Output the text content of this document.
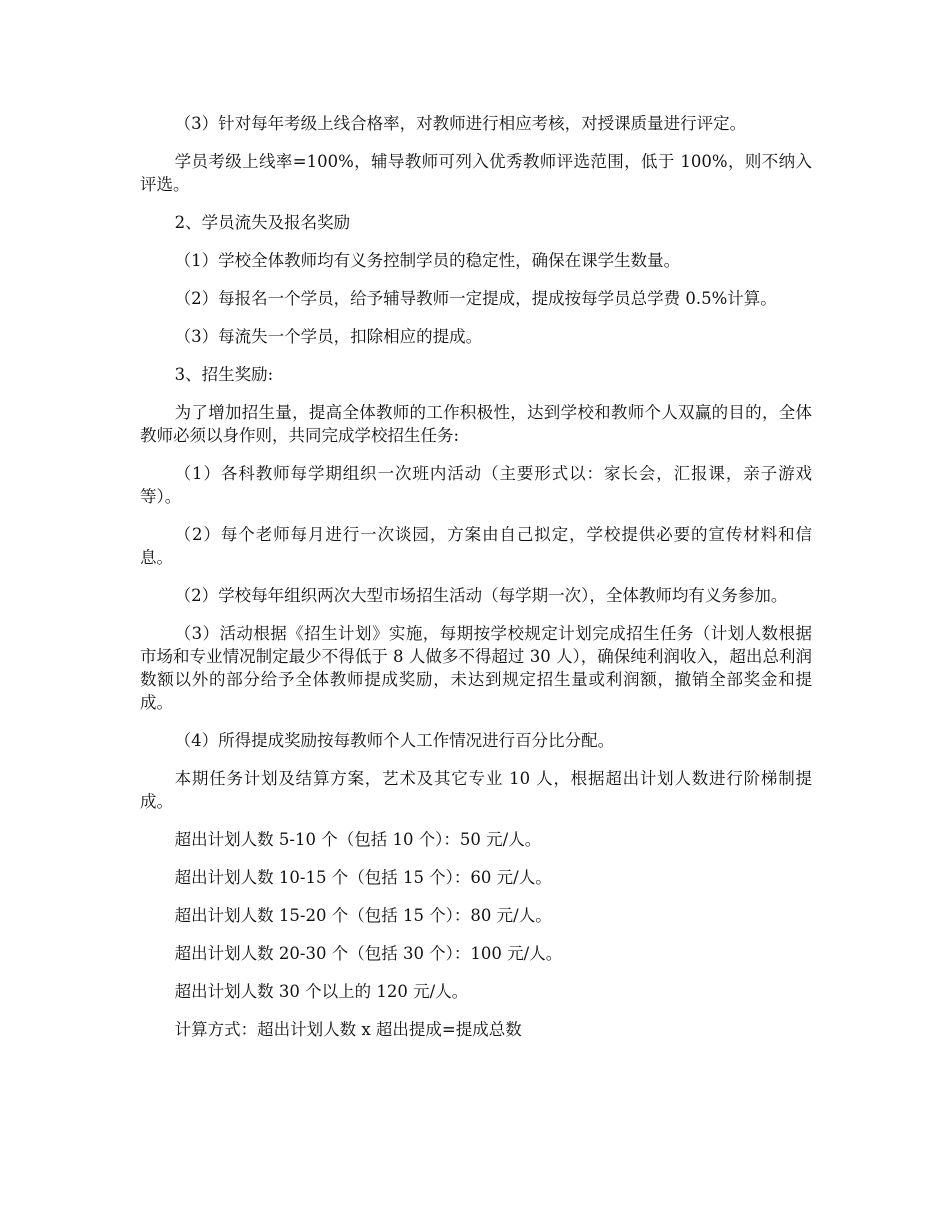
（3）针对每年考级上线合格率，对教师进行相应考核，对授课质量进行评定。

学员考级上线率=100%，辅导教师可列入优秀教师评选范围，低于 100%，则不纳入评选。

2、学员流失及报名奖励

（1）学校全体教师均有义务控制学员的稳定性，确保在课学生数量。

（2）每报名一个学员，给予辅导教师一定提成，提成按每学员总学费 0.5%计算。

（3）每流失一个学员，扣除相应的提成。

3、招生奖励:

为了增加招生量，提高全体教师的工作积极性，达到学校和教师个人双赢的目的，全体教师必须以身作则，共同完成学校招生任务:

（1）各科教师每学期组织一次班内活动（主要形式以：家长会，汇报课，亲子游戏等）。

（2）每个老师每月进行一次谈园，方案由自己拟定，学校提供必要的宣传材料和信息。

（2）学校每年组织两次大型市场招生活动（每学期一次），全体教师均有义务参加。

（3）活动根据《招生计划》实施，每期按学校规定计划完成招生任务（计划人数根据市场和专业情况制定最少不得低于 8 人做多不得超过 30 人），确保纯利润收入，超出总利润数额以外的部分给予全体教师提成奖励，未达到规定招生量或利润额，撤销全部奖金和提成。

（4）所得提成奖励按每教师个人工作情况进行百分比分配。

本期任务计划及结算方案，艺术及其它专业 10 人，根据超出计划人数进行阶梯制提成。

超出计划人数 5-10 个（包括 10 个）：50 元/人。

超出计划人数 10-15 个（包括 15 个）：60 元/人。

超出计划人数 15-20 个（包括 15 个）：80 元/人。

超出计划人数 20-30 个（包括 30 个）：100 元/人。

超出计划人数 30 个以上的 120 元/人。

计算方式：超出计划人数 x 超出提成=提成总数
